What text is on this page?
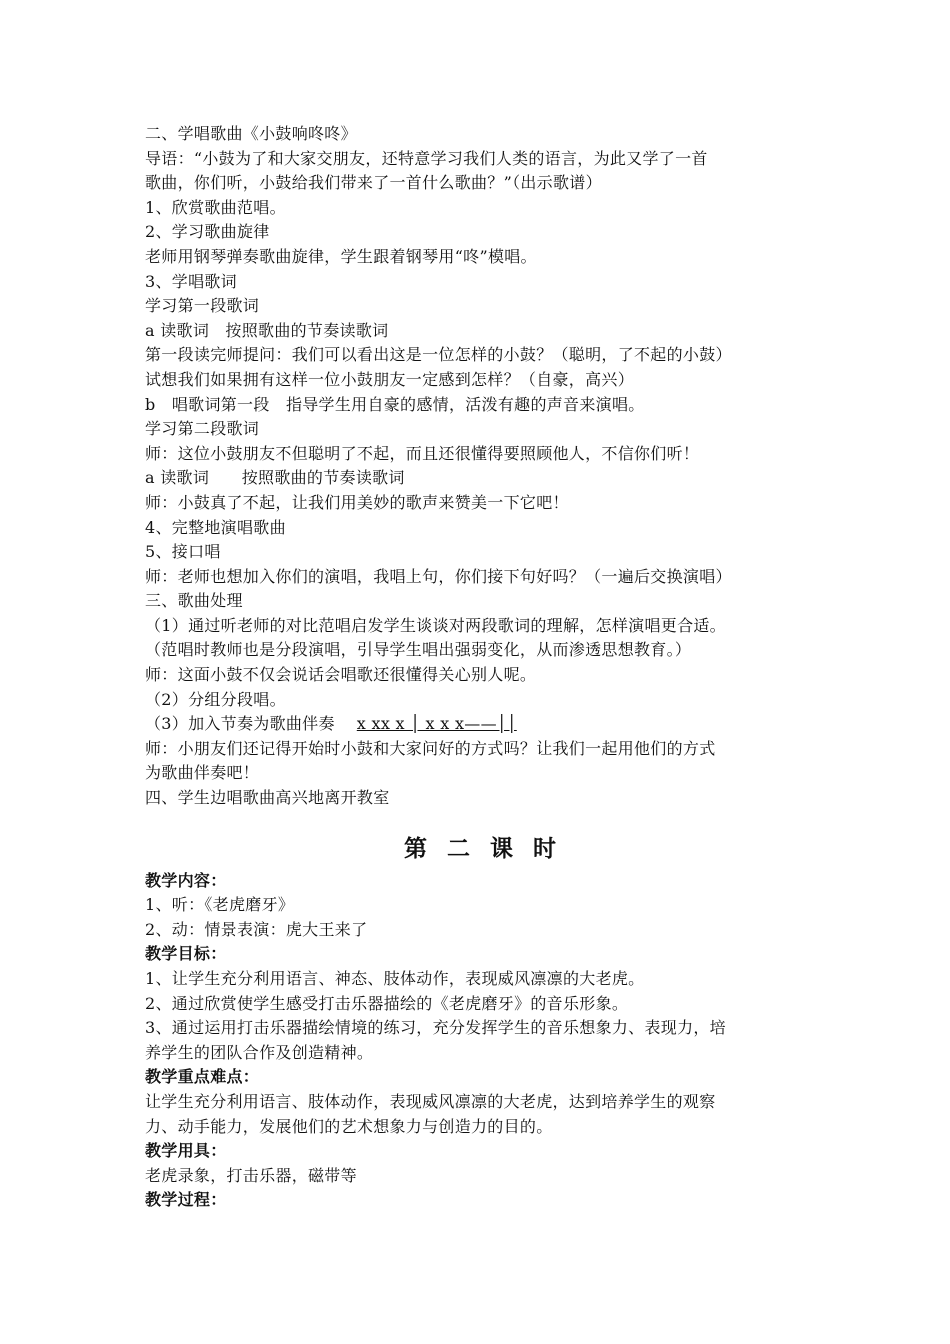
二、学唱歌曲《小鼓响咚咚》
导语：“小鼓为了和大家交朋友，还特意学习我们人类的语言，为此又学了一首
歌曲，你们听，小鼓给我们带来了一首什么歌曲？”（出示歌谱）
1、欣赏歌曲范唱。
2、学习歌曲旋律
老师用钢琴弹奏歌曲旋律，学生跟着钢琴用“咚”模唱。
3、学唱歌词
学习第一段歌词
a 读歌词　按照歌曲的节奏读歌词
第一段读完师提问：我们可以看出这是一位怎样的小鼓？（聪明，了不起的小鼓）
试想我们如果拥有这样一位小鼓朋友一定感到怎样？（自豪，高兴）
b　唱歌词第一段　指导学生用自豪的感情，活泼有趣的声音来演唱。
学习第二段歌词
师：这位小鼓朋友不但聪明了不起，而且还很懂得要照顾他人，不信你们听！
a 读歌词　　按照歌曲的节奏读歌词
师：小鼓真了不起，让我们用美妙的歌声来赞美一下它吧！
4、完整地演唱歌曲
5、接口唱
师：老师也想加入你们的演唱，我唱上句，你们接下句好吗？（一遍后交换演唱）
三、歌曲处理
（1）通过听老师的对比范唱启发学生谈谈对两段歌词的理解，怎样演唱更合适。
（范唱时教师也是分段演唱，引导学生唱出强弱变化，从而渗透思想教育。）
师：这面小鼓不仅会说话会唱歌还很懂得关心别人呢。
（2）分组分段唱。
（3）加入节奏为歌曲伴奏 x xx x │ x x x——││
师：小朋友们还记得开始时小鼓和大家问好的方式吗？让我们一起用他们的方式
为歌曲伴奏吧！
四、学生边唱歌曲高兴地离开教室
第二课时
教学内容：
1、听：《老虎磨牙》
2、动：情景表演：虎大王来了
教学目标：
1、让学生充分利用语言、神态、肢体动作，表现威风凛凛的大老虎。
2、通过欣赏使学生感受打击乐器描绘的《老虎磨牙》的音乐形象。
3、通过运用打击乐器描绘情境的练习，充分发挥学生的音乐想象力、表现力，培
养学生的团队合作及创造精神。
教学重点难点：
让学生充分利用语言、肢体动作，表现威风凛凛的大老虎，达到培养学生的观察
力、动手能力，发展他们的艺术想象力与创造力的目的。
教学用具：
老虎录象，打击乐器，磁带等
教学过程：
